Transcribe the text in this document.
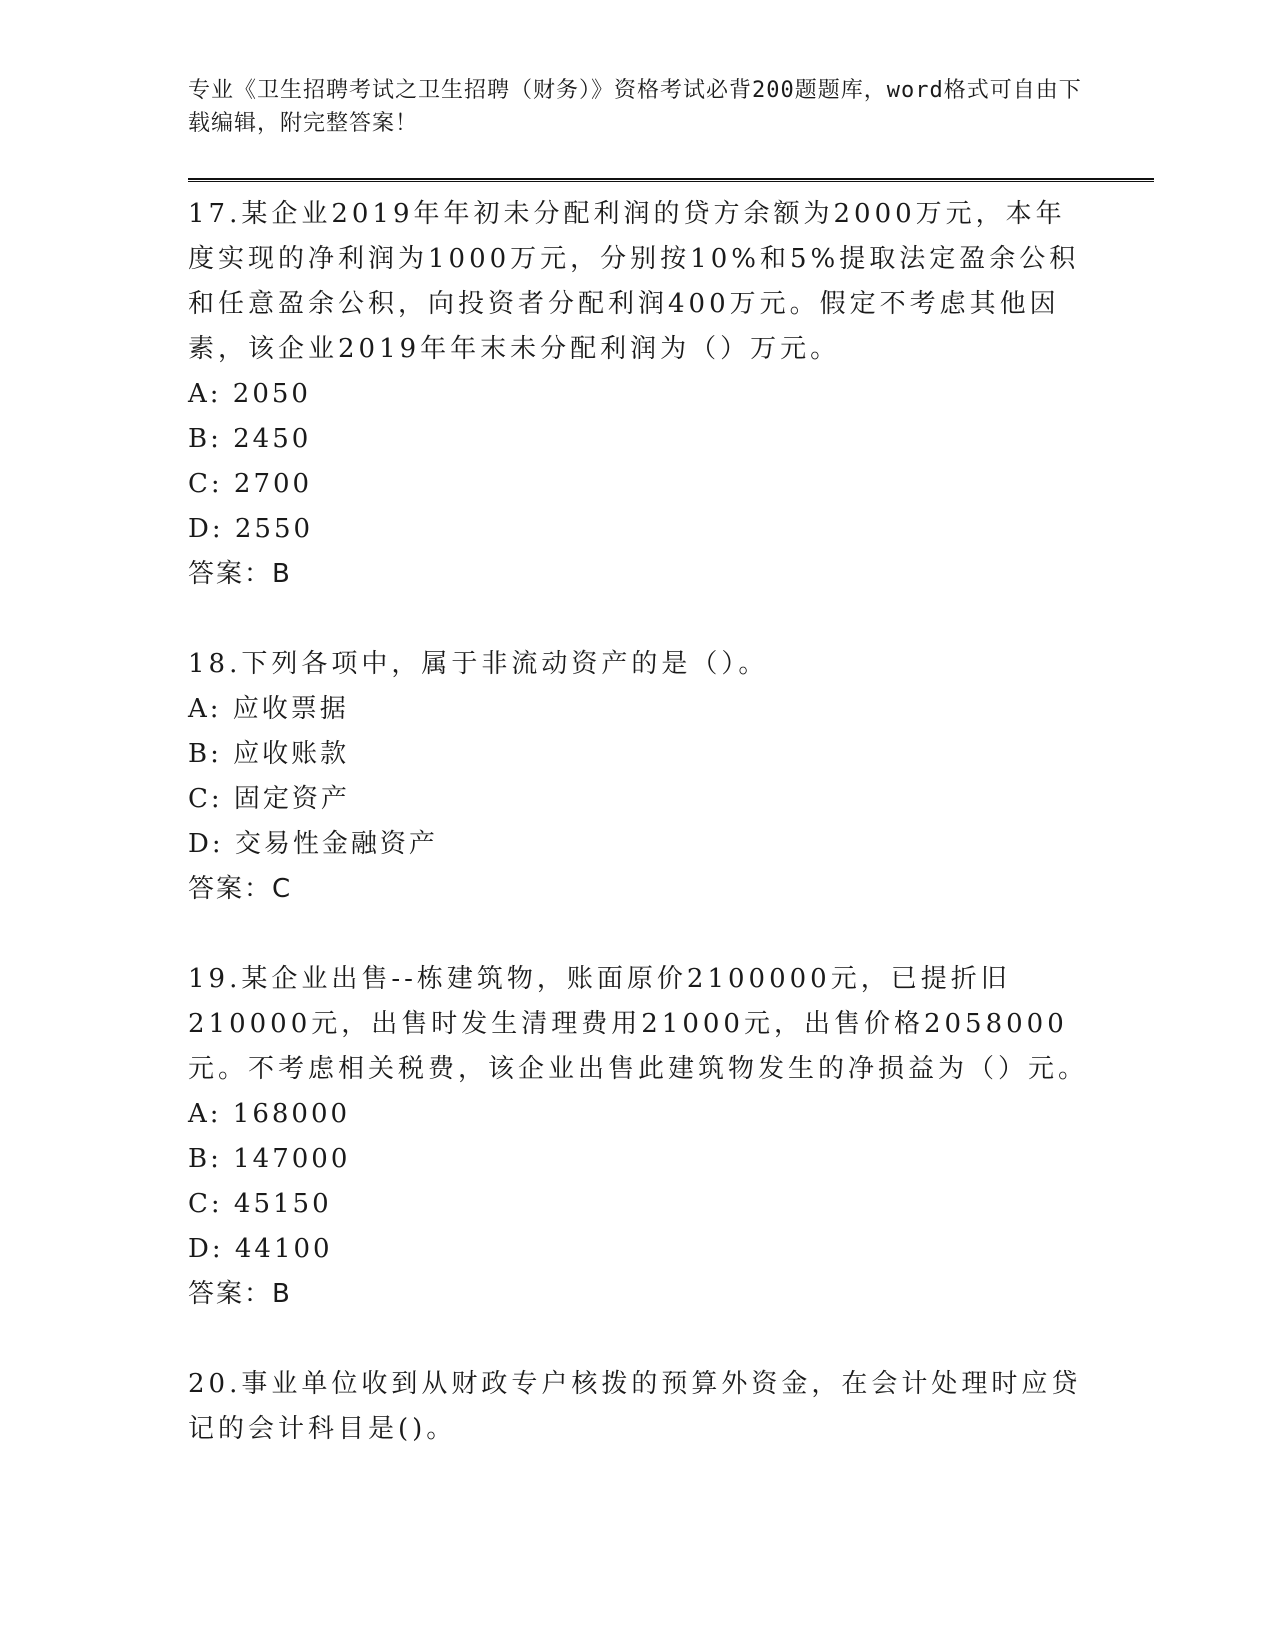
专业《卫生招聘考试之卫生招聘（财务）》资格考试必背200题题库，word格式可自由下载编辑，附完整答案！

17.某企业2019年年初未分配利润的贷方余额为2000万元，本年度实现的净利润为1000万元，分别按10%和5%提取法定盈余公积和任意盈余公积，向投资者分配利润400万元。假定不考虑其他因素，该企业2019年年末未分配利润为（）万元。

A: 2050

B: 2450

C: 2700

D: 2550

答案：B

18.下列各项中，属于非流动资产的是（）。

A: 应收票据

B: 应收账款

C: 固定资产

D: 交易性金融资产

答案：C

19.某企业出售--栋建筑物，账面原价2100000元，已提折旧210000元，出售时发生清理费用21000元，出售价格2058000元。不考虑相关税费，该企业出售此建筑物发生的净损益为（）元。

A: 168000

B: 147000

C: 45150

D: 44100

答案：B

20.事业单位收到从财政专户核拨的预算外资金，在会计处理时应贷记的会计科目是()。
